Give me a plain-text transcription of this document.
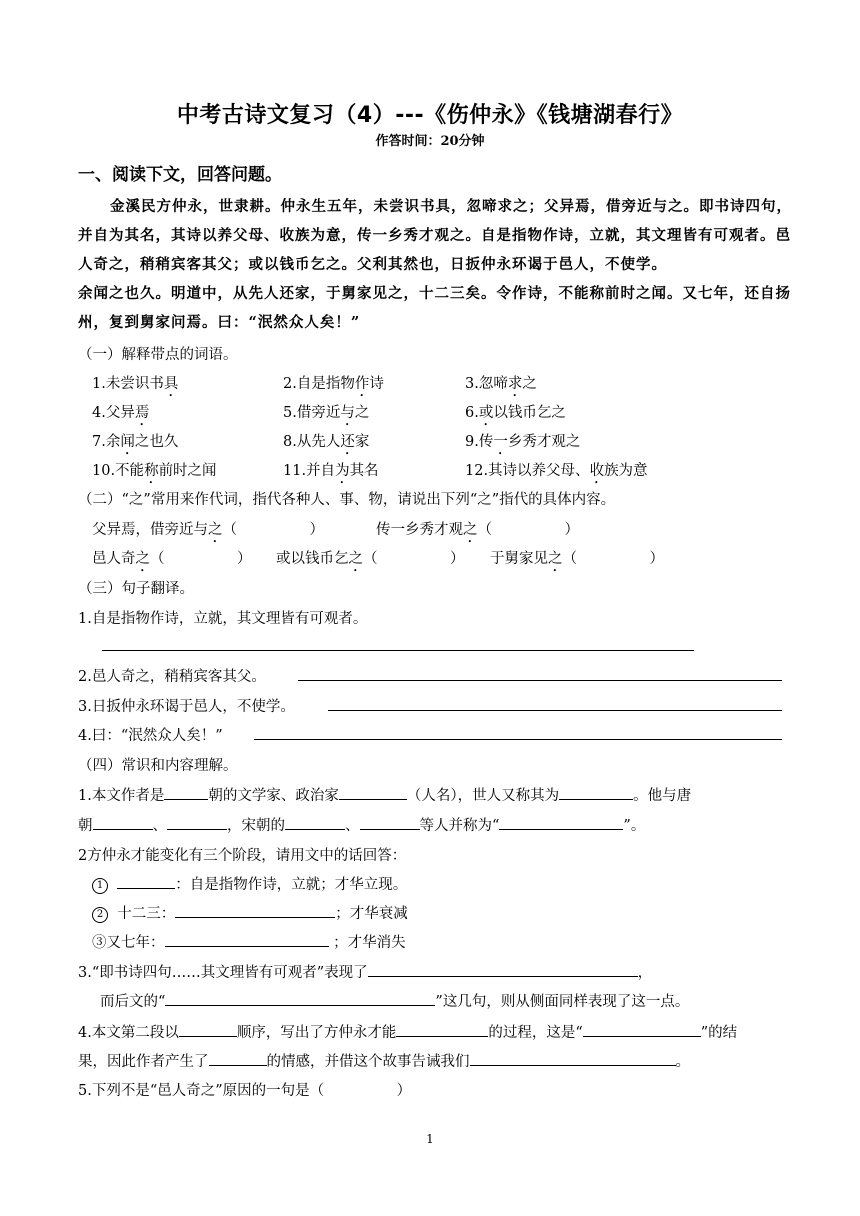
中考古诗文复习（4）---《伤仲永》《钱塘湖春行》
作答时间：20分钟
一、阅读下文，回答问题。
金溪民方仲永，世隶耕。仲永生五年，未尝识书具，忽啼求之；父异焉，借旁近与之。即书诗四句，
并自为其名，其诗以养父母、收族为意，传一乡秀才观之。自是指物作诗，立就，其文理皆有可观者。邑
人奇之，稍稍宾客其父；或以钱币乞之。父利其然也，日扳仲永环谒于邑人，不使学。
余闻之也久。明道中，从先人还家，于舅家见之，十二三矣。令作诗，不能称前时之闻。又七年，还自扬
州，复到舅家问焉。曰：“泯然众人矣！”
（一）解释带点的词语。
1.未尝识书具	2.自是指物作诗	3.忽啼求之
4.父异焉	5.借旁近与之	6.或以钱币乞之
7.余闻之也久	8.从先人还家	9.传一乡秀才观之
10.不能称前时之闻	11.并自为其名	12.其诗以养父母、收族为意
（二）“之”常用来作代词，指代各种人、事、物，请说出下列“之”指代的具体内容。
父异焉，借旁近与之（　　　　　）	传一乡秀才观之（　　　　　）
邑人奇之（　　　　　） 或以钱币乞之（　　　　　） 于舅家见之（　　　　　）
（三）句子翻译。
1.自是指物作诗，立就，其文理皆有可观者。
2.邑人奇之，稍稍宾客其父。
3.日扳仲永环谒于邑人，不使学。
4.曰：“泯然众人矣！”
（四）常识和内容理解。
1.本文作者是	朝的文学家、政治家	（人名），世人又称其为	。他与唐
朝	、	，宋朝的	、	等人并称为“	”。
2方仲永才能变化有三个阶段，请用文中的话回答：
1	：自是指物作诗，立就；才华立现。
2 十二三：	；才华衰减
③又七年：	；才华消失
3.“即书诗四句……其文理皆有可观者”表现了	，
而后文的“	”这几句，则从侧面同样表现了这一点。
4.本文第二段以	顺序，写出了方仲永才能	的过程，这是“	”的结
果，因此作者产生了	的情感，并借这个故事告诫我们	。
5.下列不是“邑人奇之”原因的一句是（　　　　　）
1
